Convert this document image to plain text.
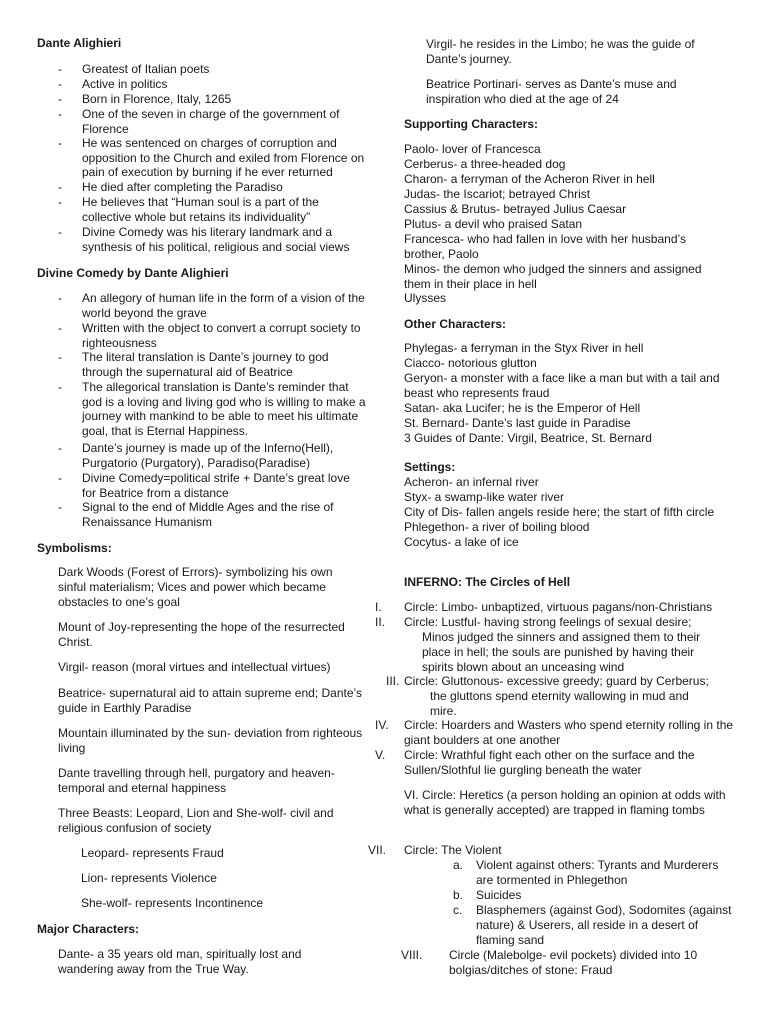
Dante Alighieri
- Greatest of Italian poets
- Active in politics
- Born in Florence, Italy, 1265
- One of the seven in charge of the government of Florence
- He was sentenced on charges of corruption and opposition to the Church and exiled from Florence on pain of execution by burning if he ever returned
- He died after completing the Paradiso
- He believes that “Human soul is a part of the collective whole but retains its individuality”
- Divine Comedy was his literary landmark and a synthesis of his political, religious and social views
Divine Comedy by Dante Alighieri
- An allegory of human life in the form of a vision of the world beyond the grave
- Written with the object to convert a corrupt society to righteousness
- The literal translation is Dante’s journey to god through the supernatural aid of Beatrice
- The allegorical translation is Dante’s reminder that god is a loving and living god who is willing to make a journey with mankind to be able to meet his ultimate goal, that is Eternal Happiness.
- Dante’s journey is made up of the Inferno(Hell), Purgatorio (Purgatory), Paradiso(Paradise)
- Divine Comedy=political strife + Dante’s great love for Beatrice from a distance
- Signal to the end of Middle Ages and the rise of Renaissance Humanism
Symbolisms:
Dark Woods (Forest of Errors)- symbolizing his own sinful materialism; Vices and power which became obstacles to one’s goal
Mount of Joy-representing the hope of the resurrected Christ.
Virgil- reason (moral virtues and intellectual virtues)
Beatrice- supernatural aid to attain supreme end; Dante’s guide in Earthly Paradise
Mountain illuminated by the sun- deviation from righteous living
Dante travelling through hell, purgatory and heaven- temporal and eternal happiness
Three Beasts: Leopard, Lion and She-wolf- civil and religious confusion of society
Leopard- represents Fraud
Lion- represents Violence
She-wolf- represents Incontinence
Major Characters:
Dante- a 35 years old man, spiritually lost and wandering away from the True Way.
Virgil- he resides in the Limbo; he was the guide of Dante’s journey.
Beatrice Portinari- serves as Dante’s muse and inspiration who died at the age of 24
Supporting Characters:
Paolo- lover of Francesca
Cerberus- a three-headed dog
Charon- a ferryman of the Acheron River in hell
Judas- the Iscariot; betrayed Christ
Cassius & Brutus- betrayed Julius Caesar
Plutus- a devil who praised Satan
Francesca- who had fallen in love with her husband’s brother, Paolo
Minos- the demon who judged the sinners and assigned them in their place in hell
Ulysses
Other Characters:
Phylegas- a ferryman in the Styx River in hell
Ciacco- notorious glutton
Geryon- a monster with a face like a man but with a tail and beast who represents fraud
Satan- aka Lucifer; he is the Emperor of Hell
St. Bernard- Dante’s last guide in Paradise
3 Guides of Dante: Virgil, Beatrice, St. Bernard
Settings:
Acheron- an infernal river
Styx- a swamp-like water river
City of Dis- fallen angels reside here; the start of fifth circle
Phlegethon- a river of boiling blood
Cocytus- a lake of ice
INFERNO: The Circles of Hell
I. Circle: Limbo- unbaptized, virtuous pagans/non-Christians
II. Circle: Lustful- having strong feelings of sexual desire;
Minos judged the sinners and assigned them to their place in hell; the souls are punished by having their spirits blown about an unceasing wind
III. Circle: Gluttonous- excessive greedy; guard by Cerberus;
the gluttons spend eternity wallowing in mud and mire.
IV. Circle: Hoarders and Wasters who spend eternity rolling in the giant boulders at one another
V. Circle: Wrathful fight each other on the surface and the Sullen/Slothful lie gurgling beneath the water
VI. Circle: Heretics (a person holding an opinion at odds with what is generally accepted) are trapped in flaming tombs
VII. Circle: The Violent
a. Violent against others: Tyrants and Murderers are tormented in Phlegethon
b. Suicides
c. Blasphemers (against God), Sodomites (against nature) & Userers, all reside in a desert of flaming sand
VIII. Circle (Malebolge- evil pockets) divided into 10 bolgias/ditches of stone: Fraud
